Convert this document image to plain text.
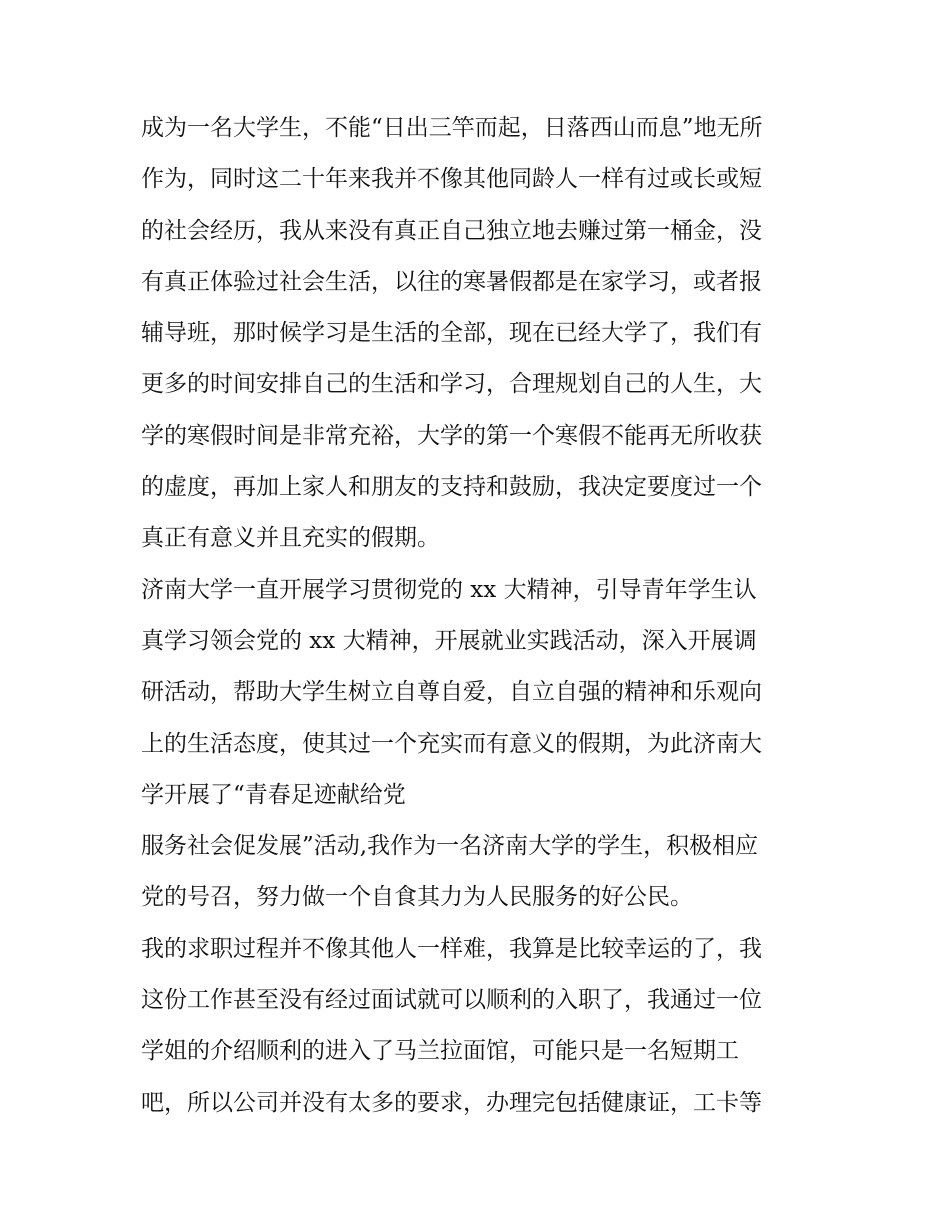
成为一名大学生，不能“日出三竿而起，日落西山而息”地无所
作为，同时这二十年来我并不像其他同龄人一样有过或长或短
的社会经历，我从来没有真正自己独立地去赚过第一桶金，没
有真正体验过社会生活，以往的寒暑假都是在家学习，或者报
辅导班，那时候学习是生活的全部，现在已经大学了，我们有
更多的时间安排自己的生活和学习，合理规划自己的人生，大
学的寒假时间是非常充裕，大学的第一个寒假不能再无所收获
的虚度，再加上家人和朋友的支持和鼓励，我决定要度过一个
真正有意义并且充实的假期。
济南大学一直开展学习贯彻党的 xx 大精神，引导青年学生认
真学习领会党的 xx 大精神，开展就业实践活动，深入开展调
研活动，帮助大学生树立自尊自爱，自立自强的精神和乐观向
上的生活态度，使其过一个充实而有意义的假期，为此济南大
学开展了“青春足迹献给党
服务社会促发展”活动,我作为一名济南大学的学生，积极相应
党的号召，努力做一个自食其力为人民服务的好公民。
我的求职过程并不像其他人一样难，我算是比较幸运的了，我
这份工作甚至没有经过面试就可以顺利的入职了，我通过一位
学姐的介绍顺利的进入了马兰拉面馆，可能只是一名短期工
吧，所以公司并没有太多的要求，办理完包括健康证，工卡等
